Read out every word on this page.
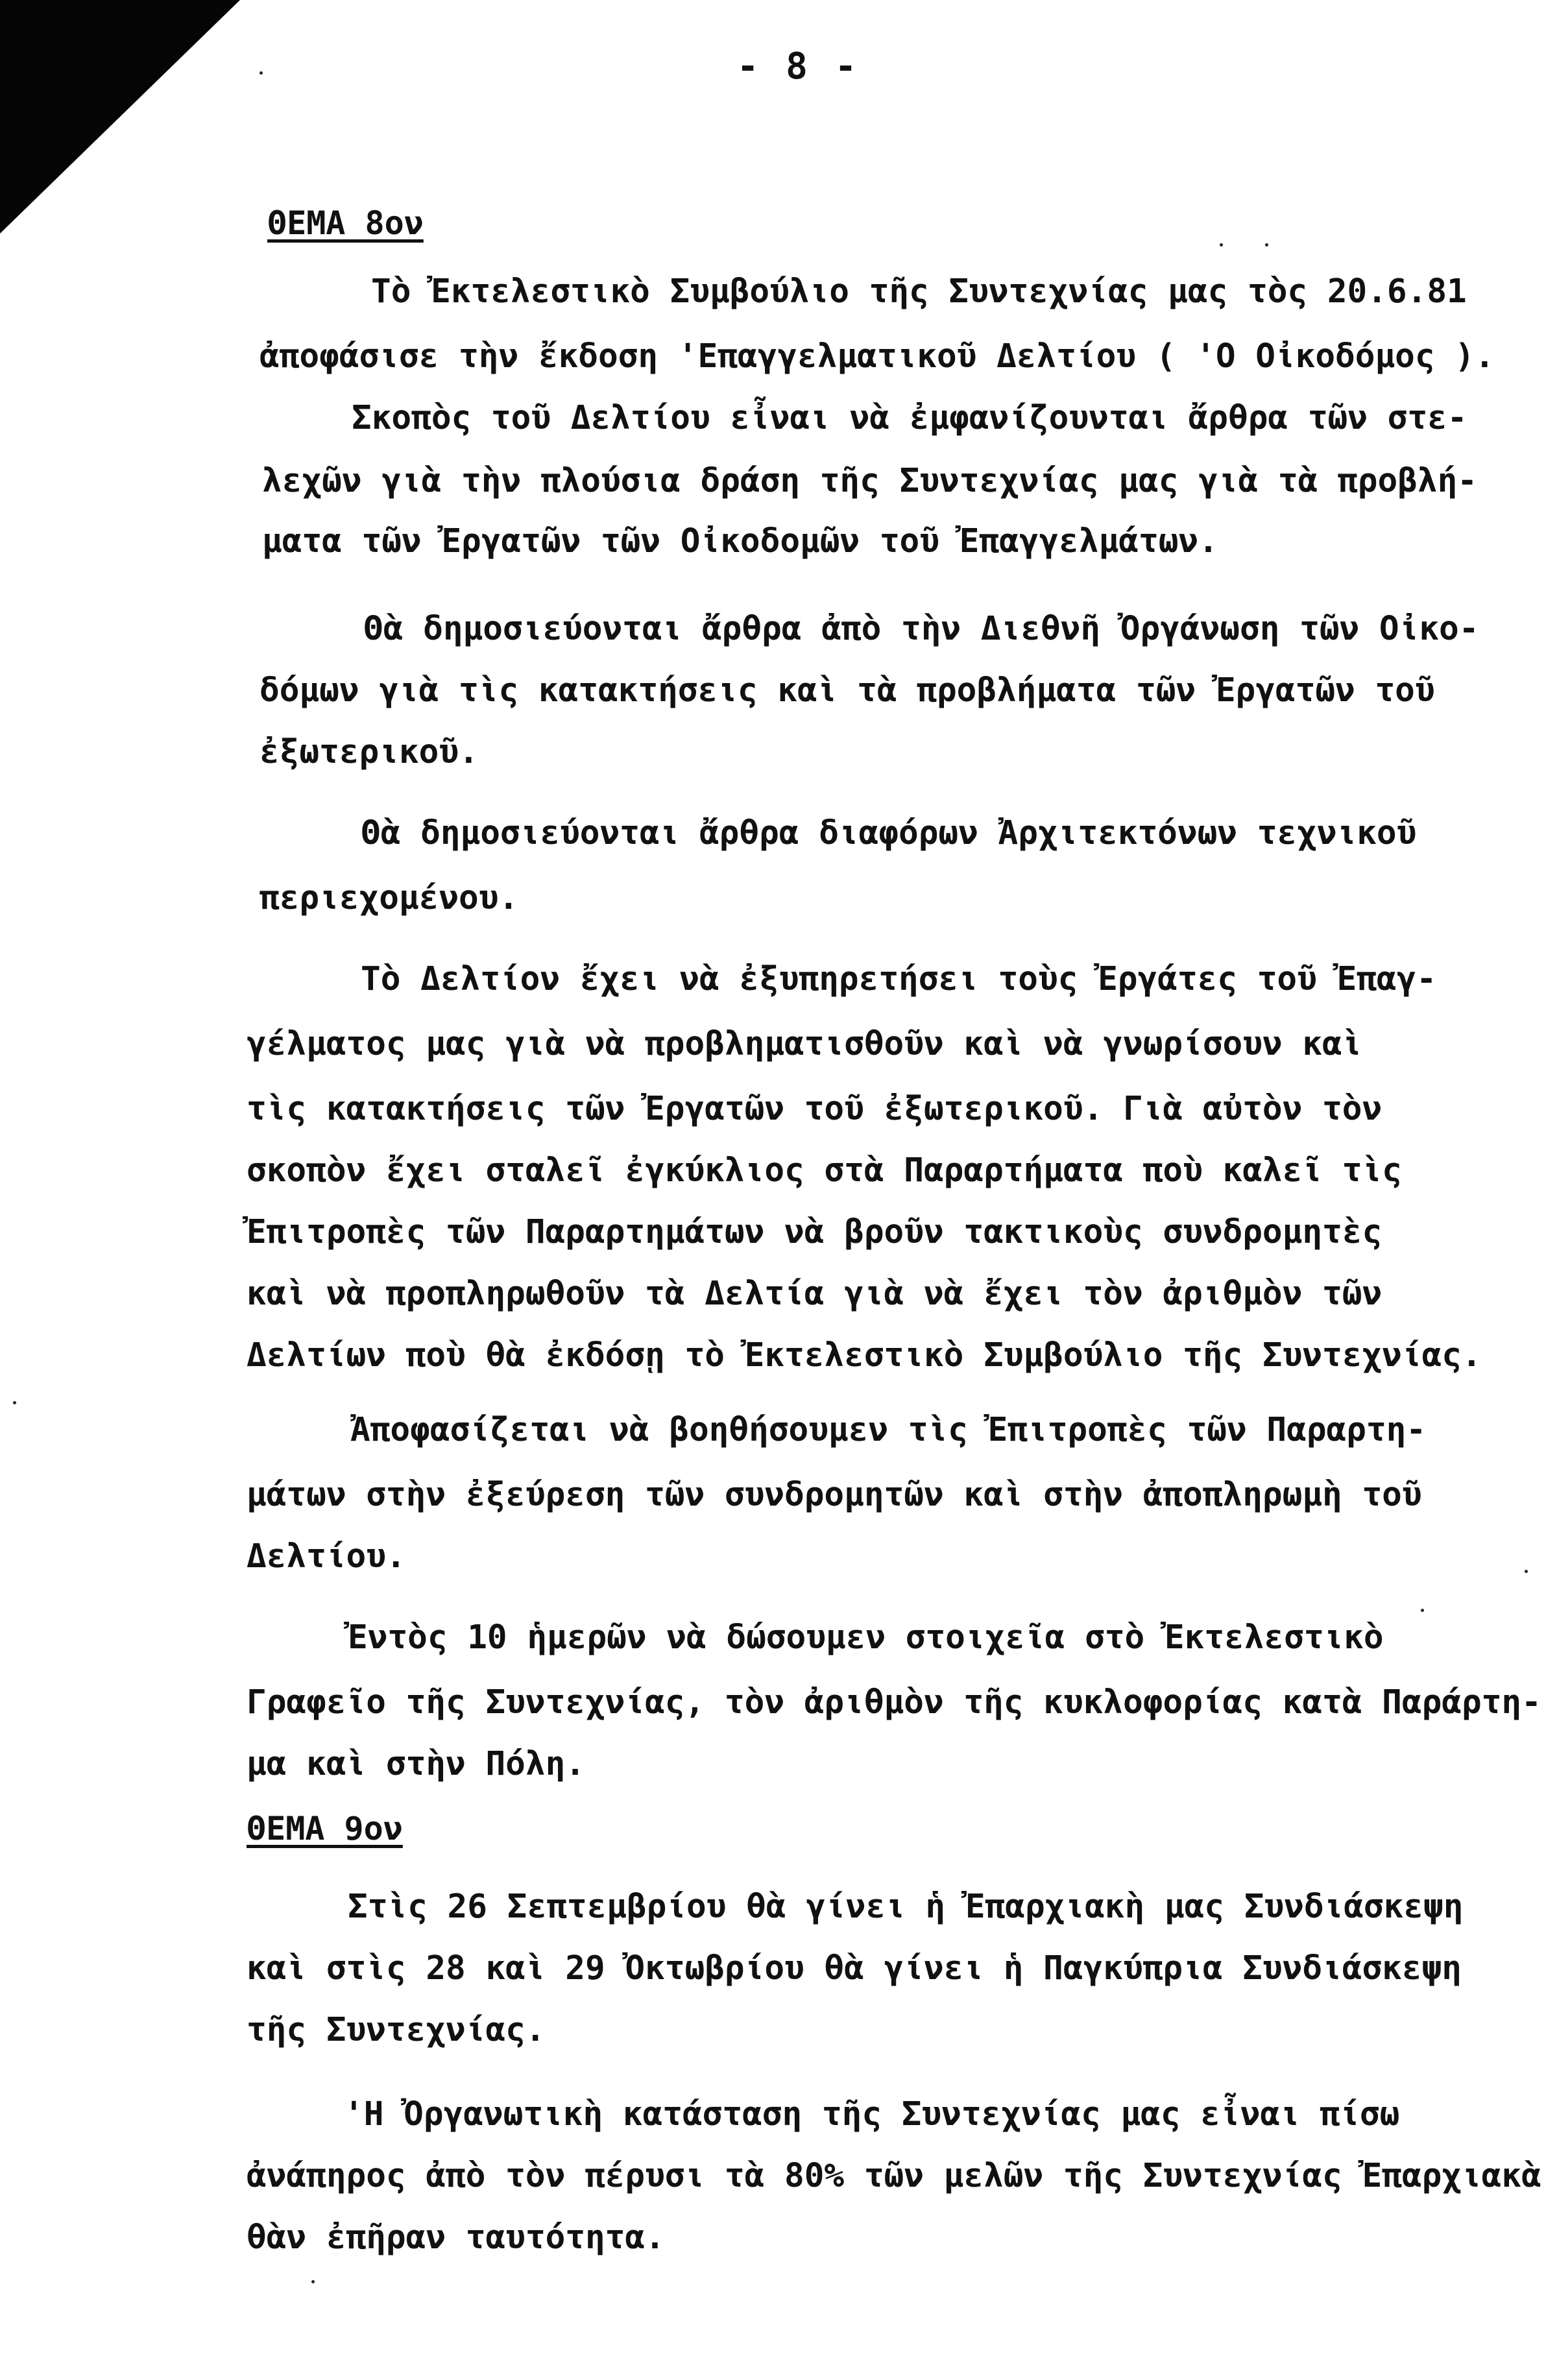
- 8 -
ΘΕΜΑ 8ον
Τὸ Ἐκτελεστικὸ Συμβούλιο τῆς Συντεχνίας μας τὸς 20.6.81
ἀποφάσισε τὴν ἔκδοση 'Επαγγελματικοῦ Δελτίου ( 'Ο Οἰκοδόμος ).
Σκοπὸς τοῦ Δελτίου εἶναι νὰ ἐμφανίζουνται ἄρθρα τῶν στε-
λεχῶν γιὰ τὴν πλούσια δράση τῆς Συντεχνίας μας γιὰ τὰ προβλή-
ματα τῶν Ἐργατῶν τῶν Οἰκοδομῶν τοῦ Ἐπαγγελμάτων.
Θὰ δημοσιεύονται ἄρθρα ἀπὸ τὴν Διεθνῆ Ὀργάνωση τῶν Οἰκο-
δόμων γιὰ τὶς κατακτήσεις καὶ τὰ προβλήματα τῶν Ἐργατῶν τοῦ
ἐξωτερικοῦ.
Θὰ δημοσιεύονται ἄρθρα διαφόρων Ἀρχιτεκτόνων τεχνικοῦ
περιεχομένου.
Τὸ Δελτίον ἔχει νὰ ἐξυπηρετήσει τοὺς Ἐργάτες τοῦ Ἐπαγ-
γέλματος μας γιὰ νὰ προβληματισθοῦν καὶ νὰ γνωρίσουν καὶ
τὶς κατακτήσεις τῶν Ἐργατῶν τοῦ ἐξωτερικοῦ. Γιὰ αὐτὸν τὸν
σκοπὸν ἔχει σταλεῖ ἐγκύκλιος στὰ Παραρτήματα ποὺ καλεῖ τὶς
Ἐπιτροπὲς τῶν Παραρτημάτων νὰ βροῦν τακτικοὺς συνδρομητὲς
καὶ νὰ προπληρωθοῦν τὰ Δελτία γιὰ νὰ ἔχει τὸν ἀριθμὸν τῶν
Δελτίων ποὺ θὰ ἐκδόσῃ τὸ Ἐκτελεστικὸ Συμβούλιο τῆς Συντεχνίας.
Ἀποφασίζεται νὰ βοηθήσουμεν τὶς Ἐπιτροπὲς τῶν Παραρτη-
μάτων στὴν ἐξεύρεση τῶν συνδρομητῶν καὶ στὴν ἀποπληρωμὴ τοῦ
Δελτίου.
Ἐντὸς 10 ἡμερῶν νὰ δώσουμεν στοιχεῖα στὸ Ἐκτελεστικὸ
Γραφεῖο τῆς Συντεχνίας, τὸν ἀριθμὸν τῆς κυκλοφορίας κατὰ Παράρτη-
μα καὶ στὴν Πόλη.
ΘΕΜΑ 9ον
Στὶς 26 Σεπτεμβρίου θὰ γίνει ἡ Ἐπαρχιακὴ μας Συνδιάσκεψη
καὶ στὶς 28 καὶ 29 Ὀκτωβρίου θὰ γίνει ἡ Παγκύπρια Συνδιάσκεψη
τῆς Συντεχνίας.
'Η Ὀργανωτικὴ κατάσταση τῆς Συντεχνίας μας εἶναι πίσω
ἀνάπηρος ἀπὸ τὸν πέρυσι τὰ 80% τῶν μελῶν τῆς Συντεχνίας Ἐπαρχιακὰ
θὰν ἐπῆραν ταυτότητα.
